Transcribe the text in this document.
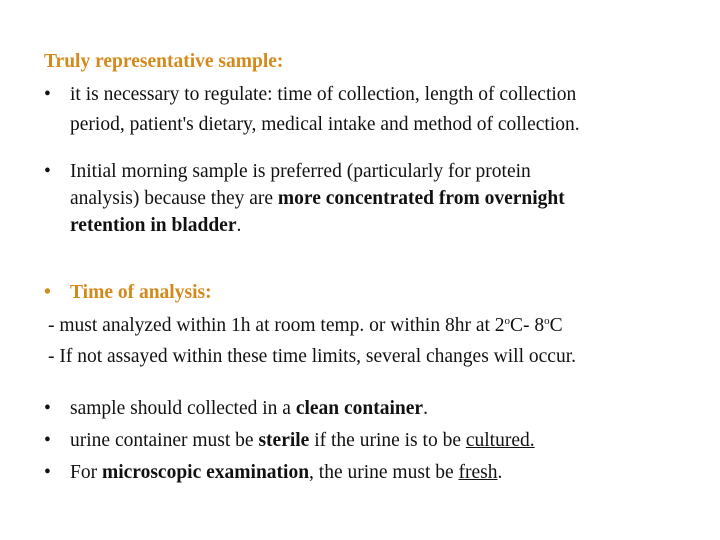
Truly representative sample:
• it is necessary to regulate: time of collection, length of collection
period, patient's dietary, medical intake and method of collection.
• Initial morning sample is preferred (particularly for protein
analysis) because they are more concentrated from overnight
retention in bladder.
• Time of analysis:
- must analyzed within 1h at room temp. or within 8hr at 2$^o$C- 8$^o$C
- If not assayed within these time limits, several changes will occur.
• sample should collected in a clean container.
• urine container must be sterile if the urine is to be cultured.
• For microscopic examination, the urine must be fresh.
